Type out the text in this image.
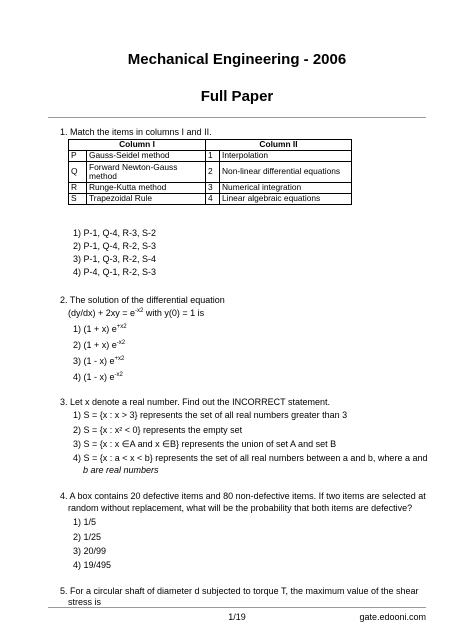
Mechanical Engineering - 2006
Full Paper
1. Match the items in columns I and II.
Column I		Column II	
P	Gauss-Seidel method	1	Interpolation
Q	Forward Newton-Gauss method	2	Non-linear differential equations
R	Runge-Kutta method	3	Numerical integration
S	Trapezoidal Rule	4	Linear algebraic equations
1) P-1, Q-4, R-3, S-2
2) P-1, Q-4, R-2, S-3
3) P-1, Q-3, R-2, S-4
4) P-4, Q-1, R-2, S-3
2. The solution of the differential equation
$(dy/dx) + 2xy = e^{-x2}$ with y(0) = 1 is
1) (1 + x) $e^{+x2}$
2) (1 + x) $e^{-x2}$
3) (1 - x) $e^{+x2}$
4) (1 - x) $e^{-x2}$
3. Let x denote a real number. Find out the INCORRECT statement.
1) S = {x : x > 3} represents the set of all real numbers greater than 3
2) S = {x : x² < 0} represents the empty set
3) S = {x : x ∈A and x ∈B} represents the union of set A and set B
4) S = {x : a < x < b} represents the set of all real numbers between a and b, where a and
b are real numbers
4. A box contains 20 defective items and 80 non-defective items. If two items are selected at
random without replacement, what will be the probability that both items are defective?
1) 1/5
2) 1/25
3) 20/99
4) 19/495
5. For a circular shaft of diameter d subjected to torque T, the maximum value of the shear
stress is
1/19	gate.edooni.com
